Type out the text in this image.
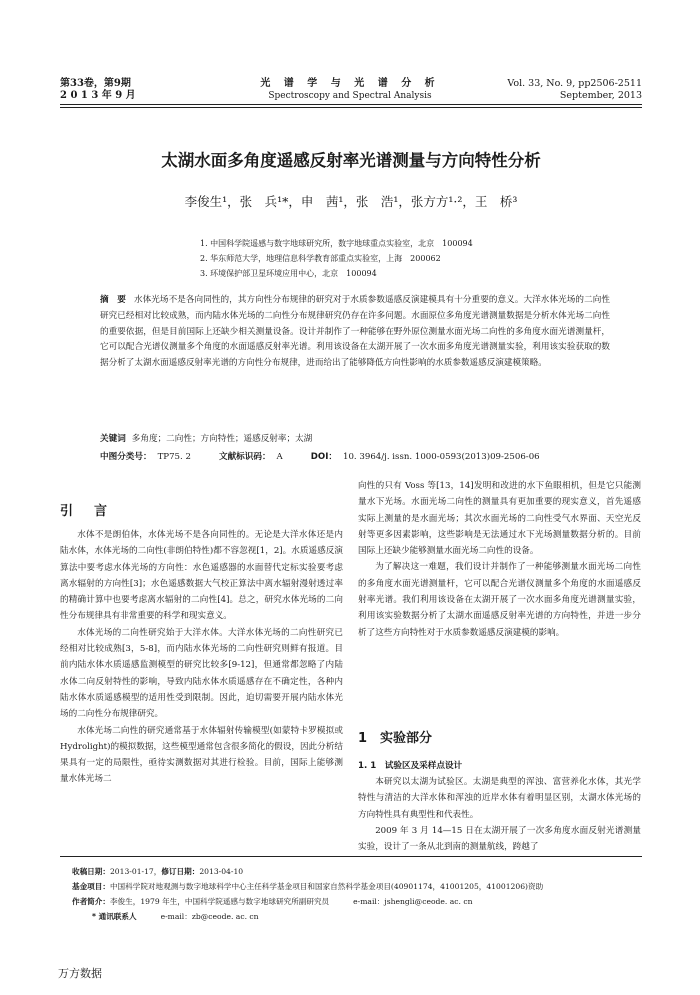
第33卷，第9期
2 0 1 3 年 9 月
光 谱 学 与 光 谱 分 析
Spectroscopy and Spectral Analysis
Vol. 33, No. 9, pp2506-2511
September, 2013
太湖水面多角度遥感反射率光谱测量与方向特性分析
李俊生¹，张　兵¹*，申　茜¹，张　浩¹，张方方¹·²，王　桥³
1. 中国科学院遥感与数字地球研究所，数字地球重点实验室，北京　100094
2. 华东师范大学，地理信息科学教育部重点实验室，上海　200062
3. 环境保护部卫星环境应用中心，北京　100094
摘　要 水体光场不是各向同性的，其方向性分布规律的研究对于水质参数遥感反演建模具有十分重要的意义。大洋水体光场的二向性研究已经相对比较成熟，而内陆水体光场的二向性分布规律研究仍存在许多问题。水面原位多角度光谱测量数据是分析水体光场二向性的重要依据，但是目前国际上还缺少相关测量设备。设计并制作了一种能够在野外原位测量水面光场二向性的多角度水面光谱测量杆，它可以配合光谱仪测量多个角度的水面遥感反射率光谱。利用该设备在太湖开展了一次水面多角度光谱测量实验，利用该实验获取的数据分析了太湖水面遥感反射率光谱的方向性分布规律，进而给出了能够降低方向性影响的水质参数遥感反演建模策略。
关键词 多角度；二向性；方向特性；遥感反射率；太湖
中图分类号： TP75. 2	文献标识码： A	DOI： 10. 3964/j. issn. 1000-0593(2013)09-2506-06
引　言

水体不是朗伯体，水体光场不是各向同性的。无论是大洋水体还是内陆水体，水体光场的二向性(非朗伯特性)都不容忽视[1，2]。水质遥感反演算法中要考虑水体光场的方向性：水色遥感器的水面替代定标实验要考虑离水辐射的方向性[3]；水色遥感数据大气校正算法中离水辐射漫射透过率的精确计算中也要考虑离水辐射的二向性[4]。总之，研究水体光场的二向性分布规律具有非常重要的科学和现实意义。

水体光场的二向性研究始于大洋水体。大洋水体光场的二向性研究已经相对比较成熟[3，5-8]，而内陆水体光场的二向性研究则鲜有报道。目前内陆水体水质遥感监测模型的研究比较多[9-12]，但通常都忽略了内陆水体二向反射特性的影响，导致内陆水体水质遥感存在不确定性，各种内陆水体水质遥感模型的适用性受到限制。因此，迫切需要开展内陆水体光场的二向性分布规律研究。

水体光场二向性的研究通常基于水体辐射传输模型(如蒙特卡罗模拟或 Hydrolight)的模拟数据，这些模型通常包含很多简化的假设，因此分析结果具有一定的局限性，亟待实测数据对其进行检验。目前，国际上能够测量水体光场二

向性的只有 Voss 等[13，14]发明和改进的水下鱼眼相机，但是它只能测量水下光场。水面光场二向性的测量具有更加重要的现实意义，首先遥感实际上测量的是水面光场；其次水面光场的二向性受气水界面、天空光反射等更多因素影响，这些影响是无法通过水下光场测量数据分析的。目前国际上还缺少能够测量水面光场二向性的设备。

为了解决这一难题，我们设计并制作了一种能够测量水面光场二向性的多角度水面光谱测量杆，它可以配合光谱仪测量多个角度的水面遥感反射率光谱。我们利用该设备在太湖开展了一次水面多角度光谱测量实验，利用该实验数据分析了太湖水面遥感反射率光谱的方向特性，并进一步分析了这些方向特性对于水质参数遥感反演建模的影响。

1　实验部分
1. 1　试验区及采样点设计

本研究以太湖为试验区。太湖是典型的浑浊、富营养化水体，其光学特性与清洁的大洋水体和浑浊的近岸水体有着明显区别，太湖水体光场的方向特性具有典型性和代表性。

2009 年 3 月 14—15 日在太湖开展了一次多角度水面反射光谱测量实验，设计了一条从北到南的测量航线，跨越了

收稿日期：2013-01-17，修订日期：2013-04-10
基金项目：中国科学院对地观测与数字地球科学中心主任科学基金项目和国家自然科学基金项目(40901174，41001205，41001206)资助
作者简介：李俊生，1979 年生，中国科学院遥感与数字地球研究所副研究员	e-mail：jshengli@ceode. ac. cn
* 通讯联系人	e-mail：zb@ceode. ac. cn
万方数据
